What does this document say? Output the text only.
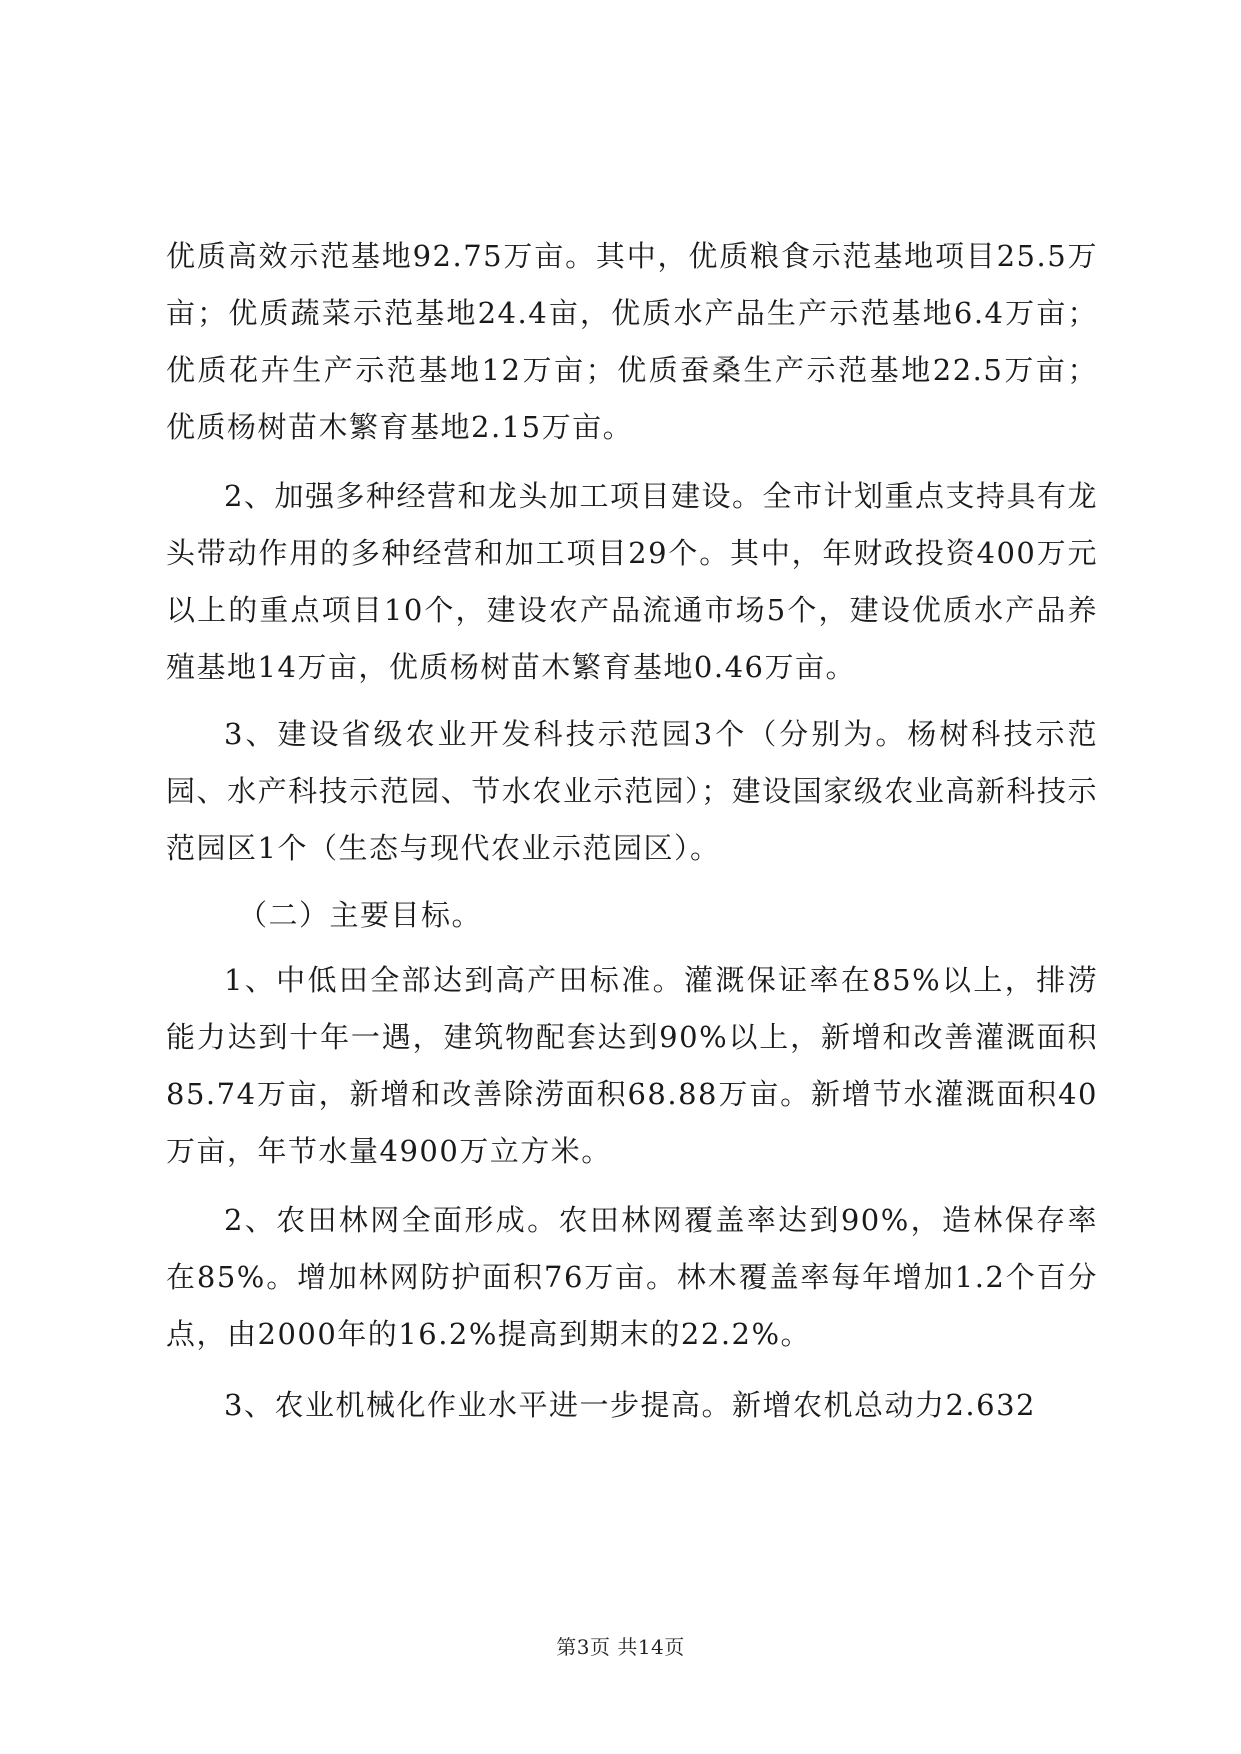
优质高效示范基地92.75万亩。其中，优质粮食示范基地项目25.5万亩；优质蔬菜示范基地24.4亩，优质水产品生产示范基地6.4万亩；优质花卉生产示范基地12万亩；优质蚕桑生产示范基地22.5万亩；优质杨树苗木繁育基地2.15万亩。

2、加强多种经营和龙头加工项目建设。全市计划重点支持具有龙头带动作用的多种经营和加工项目29个。其中，年财政投资400万元以上的重点项目10个，建设农产品流通市场5个，建设优质水产品养殖基地14万亩，优质杨树苗木繁育基地0.46万亩。

3、建设省级农业开发科技示范园3个（分别为。杨树科技示范园、水产科技示范园、节水农业示范园）；建设国家级农业高新科技示范园区1个（生态与现代农业示范园区）。

（二）主要目标。

1、中低田全部达到高产田标准。灌溉保证率在85%以上，排涝能力达到十年一遇，建筑物配套达到90%以上，新增和改善灌溉面积85.74万亩，新增和改善除涝面积68.88万亩。新增节水灌溉面积40万亩，年节水量4900万立方米。

2、农田林网全面形成。农田林网覆盖率达到90%，造林保存率在85%。增加林网防护面积76万亩。林木覆盖率每年增加1.2个百分点，由2000年的16.2%提高到期末的22.2%。

3、农业机械化作业水平进一步提高。新增农机总动力2.632

第3页 共14页
